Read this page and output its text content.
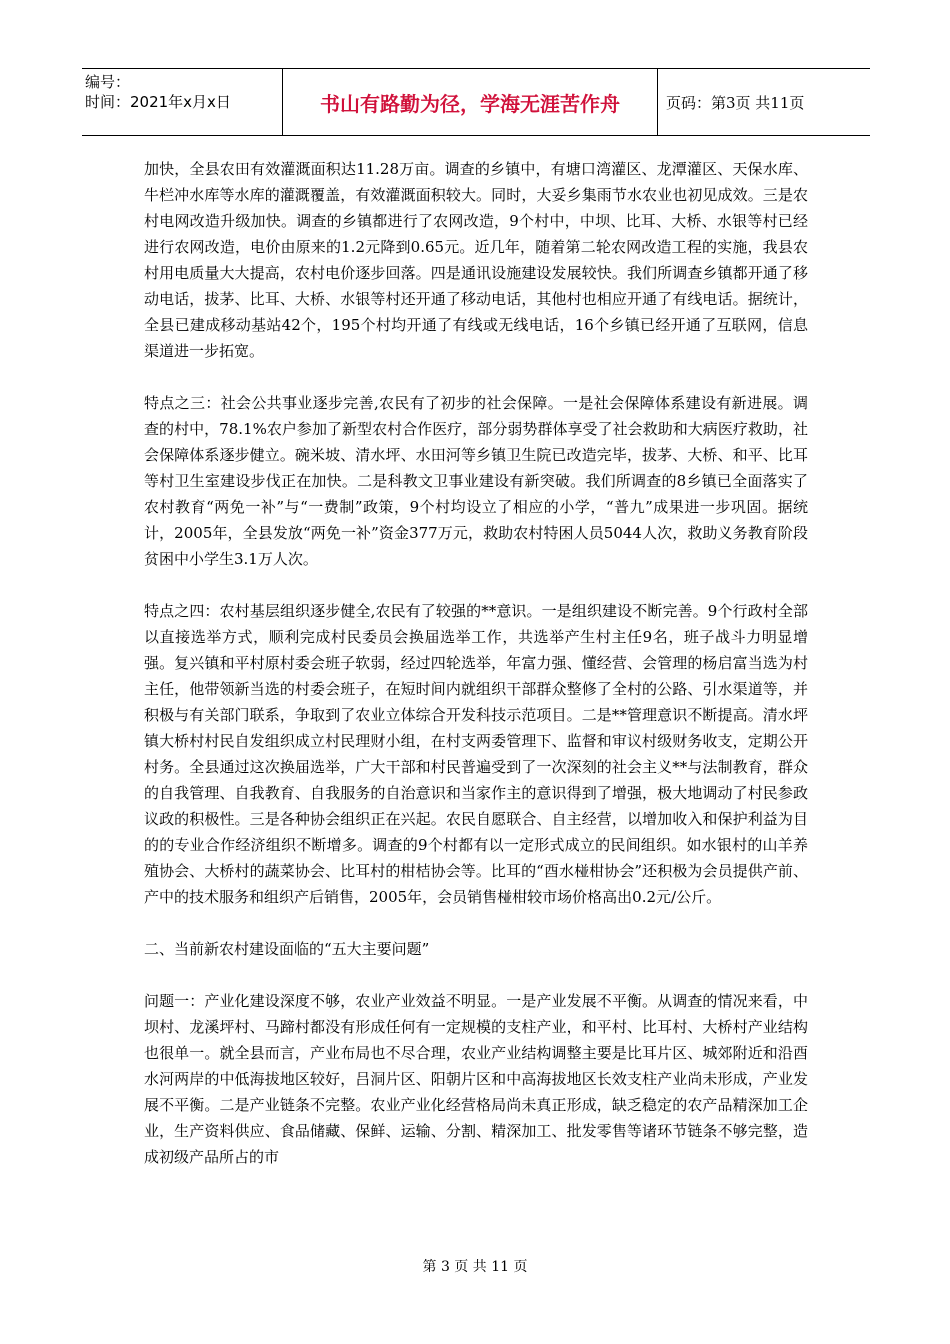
编号：
时间：2021年x月x日	书山有路勤为径，学海无涯苦作舟	页码：第3页 共11页

加快，全县农田有效灌溉面积达11.28万亩。调查的乡镇中，有塘口湾灌区、龙潭灌区、天保水库、牛栏冲水库等水库的灌溉覆盖，有效灌溉面积较大。同时，大妥乡集雨节水农业也初见成效。三是农村电网改造升级加快。调查的乡镇都进行了农网改造，9个村中，中坝、比耳、大桥、水银等村已经进行农网改造，电价由原来的1.2元降到0.65元。近几年，随着第二轮农网改造工程的实施，我县农村用电质量大大提高，农村电价逐步回落。四是通讯设施建设发展较快。我们所调查乡镇都开通了移动电话，拔茅、比耳、大桥、水银等村还开通了移动电话，其他村也相应开通了有线电话。据统计，全县已建成移动基站42个，195个村均开通了有线或无线电话，16个乡镇已经开通了互联网，信息渠道进一步拓宽。

特点之三：社会公共事业逐步完善,农民有了初步的社会保障。一是社会保障体系建设有新进展。调查的村中，78.1%农户参加了新型农村合作医疗，部分弱势群体享受了社会救助和大病医疗救助，社会保障体系逐步健立。碗米坡、清水坪、水田河等乡镇卫生院已改造完毕，拔茅、大桥、和平、比耳等村卫生室建设步伐正在加快。二是科教文卫事业建设有新突破。我们所调查的8乡镇已全面落实了农村教育“两免一补”与“一费制”政策，9个村均设立了相应的小学，“普九”成果进一步巩固。据统计，2005年，全县发放“两免一补”资金377万元，救助农村特困人员5044人次，救助义务教育阶段贫困中小学生3.1万人次。

特点之四：农村基层组织逐步健全,农民有了较强的**意识。一是组织建设不断完善。9个行政村全部以直接选举方式，顺利完成村民委员会换届选举工作，共选举产生村主任9名，班子战斗力明显增强。复兴镇和平村原村委会班子软弱，经过四轮选举，年富力强、懂经营、会管理的杨启富当选为村主任，他带领新当选的村委会班子，在短时间内就组织干部群众整修了全村的公路、引水渠道等，并积极与有关部门联系，争取到了农业立体综合开发科技示范项目。二是**管理意识不断提高。清水坪镇大桥村村民自发组织成立村民理财小组，在村支两委管理下、监督和审议村级财务收支，定期公开村务。全县通过这次换届选举，广大干部和村民普遍受到了一次深刻的社会主义**与法制教育，群众的自我管理、自我教育、自我服务的自治意识和当家作主的意识得到了增强，极大地调动了村民参政议政的积极性。三是各种协会组织正在兴起。农民自愿联合、自主经营，以增加收入和保护利益为目的的专业合作经济组织不断增多。调查的9个村都有以一定形式成立的民间组织。如水银村的山羊养殖协会、大桥村的蔬菜协会、比耳村的柑桔协会等。比耳的“酉水椪柑协会”还积极为会员提供产前、产中的技术服务和组织产后销售，2005年，会员销售椪柑较市场价格高出0.2元/公斤。

二、当前新农村建设面临的“五大主要问题”

问题一：产业化建设深度不够，农业产业效益不明显。一是产业发展不平衡。从调查的情况来看，中坝村、龙溪坪村、马蹄村都没有形成任何有一定规模的支柱产业，和平村、比耳村、大桥村产业结构也很单一。就全县而言，产业布局也不尽合理，农业产业结构调整主要是比耳片区、城郊附近和沿酉水河两岸的中低海拔地区较好，吕洞片区、阳朝片区和中高海拔地区长效支柱产业尚未形成，产业发展不平衡。二是产业链条不完整。农业产业化经营格局尚未真正形成，缺乏稳定的农产品精深加工企业，生产资料供应、食品储藏、保鲜、运输、分割、精深加工、批发零售等诸环节链条不够完整，造成初级产品所占的市

第 3 页 共 11 页
